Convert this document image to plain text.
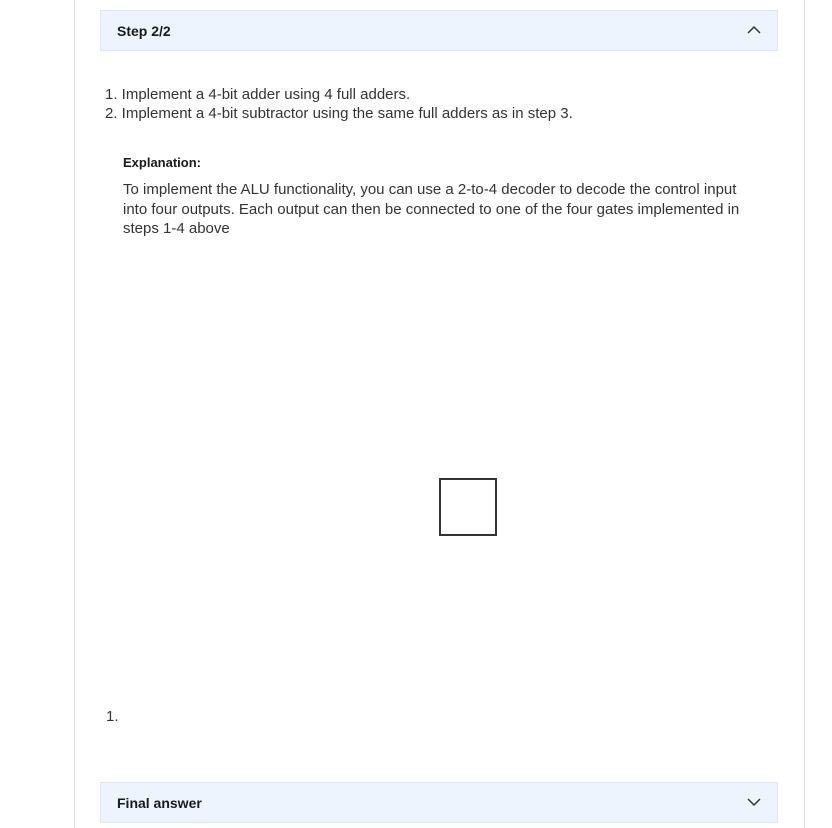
Step 2/2
1. Implement a 4-bit adder using 4 full adders.
2. Implement a 4-bit subtractor using the same full adders as in step 3.
Explanation:
To implement the ALU functionality, you can use a 2-to-4 decoder to decode the control input into four outputs. Each output can then be connected to one of the four gates implemented in steps 1-4 above
1.
Final answer
